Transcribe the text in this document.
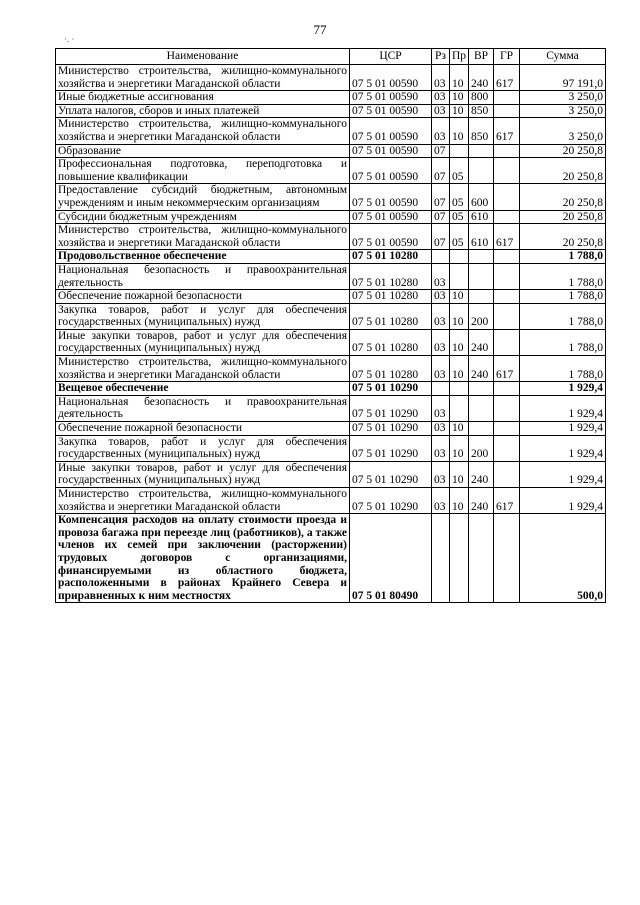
77
·. ·
Наименование	ЦСР	Рз	Пр	ВР	ГР	Сумма
Министерство строительства, жилищно-коммунального хозяйства и энергетики Магаданской области	07 5 01 00590	03	10	240	617	97 191,0
Иные бюджетные ассигнования	07 5 01 00590	03	10	800		3 250,0
Уплата налогов, сборов и иных платежей	07 5 01 00590	03	10	850		3 250,0
Министерство строительства, жилищно-коммунального хозяйства и энергетики Магаданской области	07 5 01 00590	03	10	850	617	3 250,0
Образование	07 5 01 00590	07				20 250,8
Профессиональная подготовка, переподготовка и повышение квалификации	07 5 01 00590	07	05			20 250,8
Предоставление субсидий бюджетным, автономным учреждениям и иным некоммерческим организациям	07 5 01 00590	07	05	600		20 250,8
Субсидии бюджетным учреждениям	07 5 01 00590	07	05	610		20 250,8
Министерство строительства, жилищно-коммунального хозяйства и энергетики Магаданской области	07 5 01 00590	07	05	610	617	20 250,8
Продовольственное обеспечение	07 5 01 10280					1 788,0
Национальная безопасность и правоохранительная деятельность	07 5 01 10280	03				1 788,0
Обеспечение пожарной безопасности	07 5 01 10280	03	10			1 788,0
Закупка товаров, работ и услуг для обеспечения государственных (муниципальных) нужд	07 5 01 10280	03	10	200		1 788,0
Иные закупки товаров, работ и услуг для обеспечения государственных (муниципальных) нужд	07 5 01 10280	03	10	240		1 788,0
Министерство строительства, жилищно-коммунального хозяйства и энергетики Магаданской области	07 5 01 10280	03	10	240	617	1 788,0
Вещевое обеспечение	07 5 01 10290					1 929,4
Национальная безопасность и правоохранительная деятельность	07 5 01 10290	03				1 929,4
Обеспечение пожарной безопасности	07 5 01 10290	03	10			1 929,4
Закупка товаров, работ и услуг для обеспечения государственных (муниципальных) нужд	07 5 01 10290	03	10	200		1 929,4
Иные закупки товаров, работ и услуг для обеспечения государственных (муниципальных) нужд	07 5 01 10290	03	10	240		1 929,4
Министерство строительства, жилищно-коммунального хозяйства и энергетики Магаданской области	07 5 01 10290	03	10	240	617	1 929,4
Компенсация расходов на оплату стоимости проезда и провоза багажа при переезде лиц (работников), а также членов их семей при заключении (расторжении) трудовых договоров с организациями, финансируемыми из областного бюджета, расположенными в районах Крайнего Севера и приравненных к ним местностях	07 5 01 80490					500,0
